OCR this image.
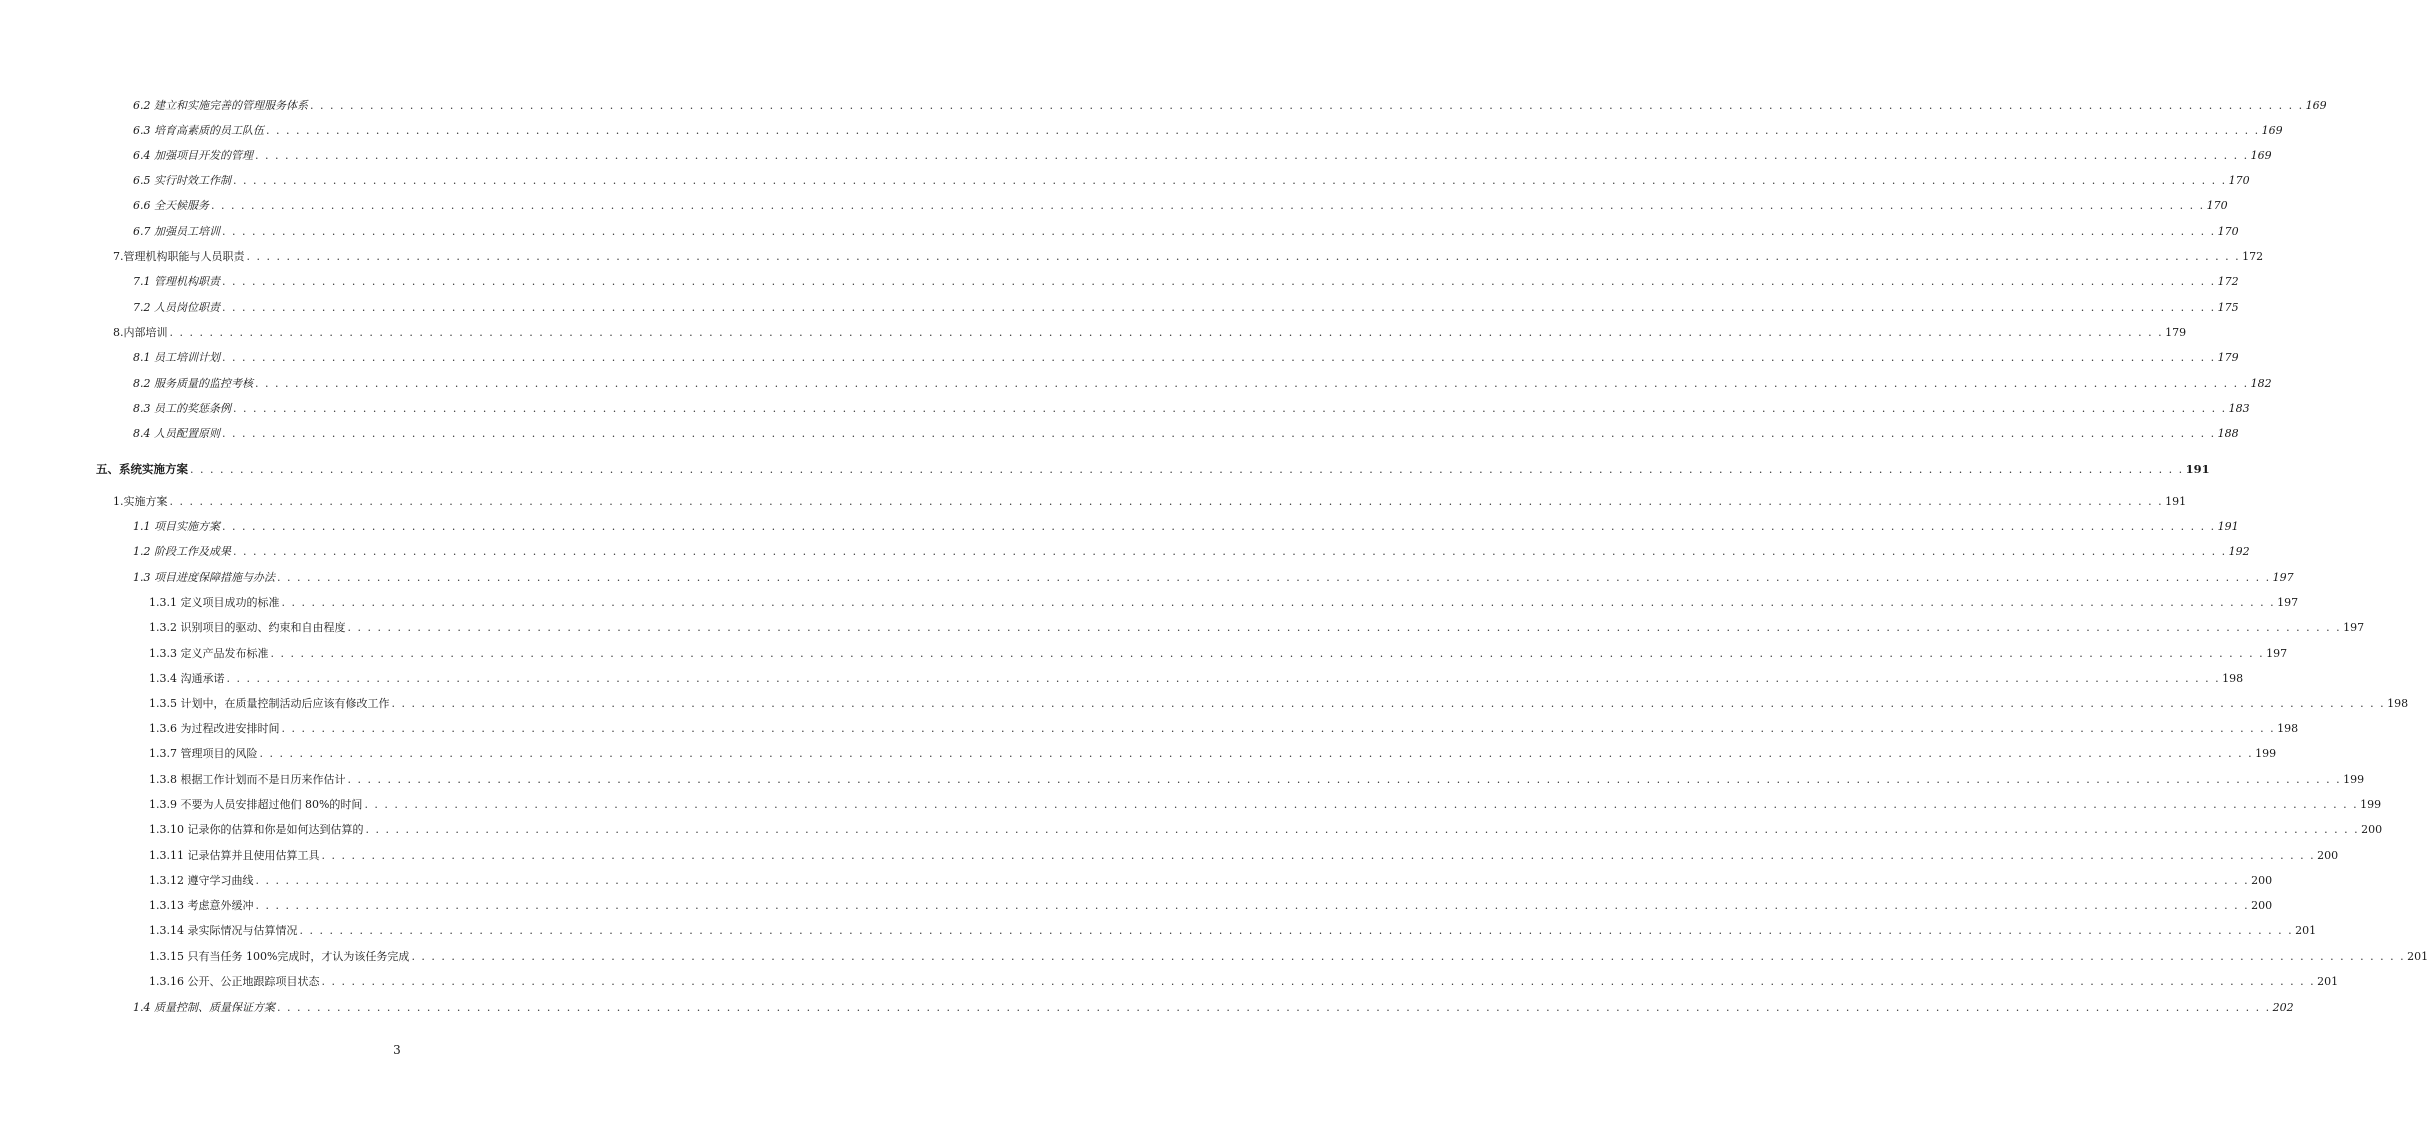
6.2 建立和实施完善的管理服务体系 . . . . . . . . . . . . . . . . . . . . . . . . . . . . . . . . . . . . . . . . . . . . . . . . . . . . . . . . . . . . . . . . . . . . . . . . . . . . . . . . . . . . . . . . . . . . . . . . . . . . . . . . . . . . . . . . . . . . . . . . . . . . . . . . . . . . . . . . . . . . . . . . . . . . . . . . . . . . . . . . . . . . . . . . . . . . . . . . . . . . . . . . . . . . . . . . . . . . . . . . 169
6.3 培育高素质的员工队伍 . . . . . . . . . . . . . . . . . . . . . . . . . . . . . . . . . . . . . . . . . . . . . . . . . . . . . . . . . . . . . . . . . . . . . . . . . . . . . . . . . . . . . . . . . . . . . . . . . . . . . . . . . . . . . . . . . . . . . . . . . . . . . . . . . . . . . . . . . . . . . . . . . . . . . . . . . . . . . . . . . . . . . . . . . . . . . . . . . . . . . . . . . . . . . . . . . . . . . . . . 169
6.4 加强项目开发的管理 . . . . . . . . . . . . . . . . . . . . . . . . . . . . . . . . . . . . . . . . . . . . . . . . . . . . . . . . . . . . . . . . . . . . . . . . . . . . . . . . . . . . . . . . . . . . . . . . . . . . . . . . . . . . . . . . . . . . . . . . . . . . . . . . . . . . . . . . . . . . . . . . . . . . . . . . . . . . . . . . . . . . . . . . . . . . . . . . . . . . . . . . . . . . . . . . . . . . . . . . 169
6.5 实行时效工作制 . . . . . . . . . . . . . . . . . . . . . . . . . . . . . . . . . . . . . . . . . . . . . . . . . . . . . . . . . . . . . . . . . . . . . . . . . . . . . . . . . . . . . . . . . . . . . . . . . . . . . . . . . . . . . . . . . . . . . . . . . . . . . . . . . . . . . . . . . . . . . . . . . . . . . . . . . . . . . . . . . . . . . . . . . . . . . . . . . . . . . . . . . . . . . . . . . . . . . . . . 170
6.6 全天候服务 . . . . . . . . . . . . . . . . . . . . . . . . . . . . . . . . . . . . . . . . . . . . . . . . . . . . . . . . . . . . . . . . . . . . . . . . . . . . . . . . . . . . . . . . . . . . . . . . . . . . . . . . . . . . . . . . . . . . . . . . . . . . . . . . . . . . . . . . . . . . . . . . . . . . . . . . . . . . . . . . . . . . . . . . . . . . . . . . . . . . . . . . . . . . . . . . . . . . . . . . 170
6.7 加强员工培训 . . . . . . . . . . . . . . . . . . . . . . . . . . . . . . . . . . . . . . . . . . . . . . . . . . . . . . . . . . . . . . . . . . . . . . . . . . . . . . . . . . . . . . . . . . . . . . . . . . . . . . . . . . . . . . . . . . . . . . . . . . . . . . . . . . . . . . . . . . . . . . . . . . . . . . . . . . . . . . . . . . . . . . . . . . . . . . . . . . . . . . . . . . . . . . . . . . . . . . . . 170
7.管理机构职能与人员职责 . . . . . . . . . . . . . . . . . . . . . . . . . . . . . . . . . . . . . . . . . . . . . . . . . . . . . . . . . . . . . . . . . . . . . . . . . . . . . . . . . . . . . . . . . . . . . . . . . . . . . . . . . . . . . . . . . . . . . . . . . . . . . . . . . . . . . . . . . . . . . . . . . . . . . . . . . . . . . . . . . . . . . . . . . . . . . . . . . . . . . . . . . . . . . . . . . . . . . . . . 172
7.1 管理机构职责 . . . . . . . . . . . . . . . . . . . . . . . . . . . . . . . . . . . . . . . . . . . . . . . . . . . . . . . . . . . . . . . . . . . . . . . . . . . . . . . . . . . . . . . . . . . . . . . . . . . . . . . . . . . . . . . . . . . . . . . . . . . . . . . . . . . . . . . . . . . . . . . . . . . . . . . . . . . . . . . . . . . . . . . . . . . . . . . . . . . . . . . . . . . . . . . . . . . . . . . . 172
7.2 人员岗位职责 . . . . . . . . . . . . . . . . . . . . . . . . . . . . . . . . . . . . . . . . . . . . . . . . . . . . . . . . . . . . . . . . . . . . . . . . . . . . . . . . . . . . . . . . . . . . . . . . . . . . . . . . . . . . . . . . . . . . . . . . . . . . . . . . . . . . . . . . . . . . . . . . . . . . . . . . . . . . . . . . . . . . . . . . . . . . . . . . . . . . . . . . . . . . . . . . . . . . . . . . 175
8.内部培训 . . . . . . . . . . . . . . . . . . . . . . . . . . . . . . . . . . . . . . . . . . . . . . . . . . . . . . . . . . . . . . . . . . . . . . . . . . . . . . . . . . . . . . . . . . . . . . . . . . . . . . . . . . . . . . . . . . . . . . . . . . . . . . . . . . . . . . . . . . . . . . . . . . . . . . . . . . . . . . . . . . . . . . . . . . . . . . . . . . . . . . . . . . . . . . . . . . . . . . . . 179
8.1 员工培训计划 . . . . . . . . . . . . . . . . . . . . . . . . . . . . . . . . . . . . . . . . . . . . . . . . . . . . . . . . . . . . . . . . . . . . . . . . . . . . . . . . . . . . . . . . . . . . . . . . . . . . . . . . . . . . . . . . . . . . . . . . . . . . . . . . . . . . . . . . . . . . . . . . . . . . . . . . . . . . . . . . . . . . . . . . . . . . . . . . . . . . . . . . . . . . . . . . . . . . . . . . 179
8.2 服务质量的监控考核 . . . . . . . . . . . . . . . . . . . . . . . . . . . . . . . . . . . . . . . . . . . . . . . . . . . . . . . . . . . . . . . . . . . . . . . . . . . . . . . . . . . . . . . . . . . . . . . . . . . . . . . . . . . . . . . . . . . . . . . . . . . . . . . . . . . . . . . . . . . . . . . . . . . . . . . . . . . . . . . . . . . . . . . . . . . . . . . . . . . . . . . . . . . . . . . . . . . . . . . . 182
8.3 员工的奖惩条例 . . . . . . . . . . . . . . . . . . . . . . . . . . . . . . . . . . . . . . . . . . . . . . . . . . . . . . . . . . . . . . . . . . . . . . . . . . . . . . . . . . . . . . . . . . . . . . . . . . . . . . . . . . . . . . . . . . . . . . . . . . . . . . . . . . . . . . . . . . . . . . . . . . . . . . . . . . . . . . . . . . . . . . . . . . . . . . . . . . . . . . . . . . . . . . . . . . . . . . . . 183
8.4 人员配置原则 . . . . . . . . . . . . . . . . . . . . . . . . . . . . . . . . . . . . . . . . . . . . . . . . . . . . . . . . . . . . . . . . . . . . . . . . . . . . . . . . . . . . . . . . . . . . . . . . . . . . . . . . . . . . . . . . . . . . . . . . . . . . . . . . . . . . . . . . . . . . . . . . . . . . . . . . . . . . . . . . . . . . . . . . . . . . . . . . . . . . . . . . . . . . . . . . . . . . . . . . 188
五、系统实施方案 . . . . . . . . . . . . . . . . . . . . . . . . . . . . . . . . . . . . . . . . . . . . . . . . . . . . . . . . . . . . . . . . . . . . . . . . . . . . . . . . . . . . . . . . . . . . . . . . . . . . . . . . . . . . . . . . . . . . . . . . . . . . . . . . . . . . . . . . . . . . . . . . . . . . . . . . . . . . . . . . . . . . . . . . . . . . . . . . . . . . . . . . . . . . . . . . . . . . . . . . 191
1.实施方案 . . . . . . . . . . . . . . . . . . . . . . . . . . . . . . . . . . . . . . . . . . . . . . . . . . . . . . . . . . . . . . . . . . . . . . . . . . . . . . . . . . . . . . . . . . . . . . . . . . . . . . . . . . . . . . . . . . . . . . . . . . . . . . . . . . . . . . . . . . . . . . . . . . . . . . . . . . . . . . . . . . . . . . . . . . . . . . . . . . . . . . . . . . . . . . . . . . . . . . . . 191
1.1 项目实施方案 . . . . . . . . . . . . . . . . . . . . . . . . . . . . . . . . . . . . . . . . . . . . . . . . . . . . . . . . . . . . . . . . . . . . . . . . . . . . . . . . . . . . . . . . . . . . . . . . . . . . . . . . . . . . . . . . . . . . . . . . . . . . . . . . . . . . . . . . . . . . . . . . . . . . . . . . . . . . . . . . . . . . . . . . . . . . . . . . . . . . . . . . . . . . . . . . . . . . . . . . 191
1.2 阶段工作及成果 . . . . . . . . . . . . . . . . . . . . . . . . . . . . . . . . . . . . . . . . . . . . . . . . . . . . . . . . . . . . . . . . . . . . . . . . . . . . . . . . . . . . . . . . . . . . . . . . . . . . . . . . . . . . . . . . . . . . . . . . . . . . . . . . . . . . . . . . . . . . . . . . . . . . . . . . . . . . . . . . . . . . . . . . . . . . . . . . . . . . . . . . . . . . . . . . . . . . . . . . 192
1.3 项目进度保障措施与办法 . . . . . . . . . . . . . . . . . . . . . . . . . . . . . . . . . . . . . . . . . . . . . . . . . . . . . . . . . . . . . . . . . . . . . . . . . . . . . . . . . . . . . . . . . . . . . . . . . . . . . . . . . . . . . . . . . . . . . . . . . . . . . . . . . . . . . . . . . . . . . . . . . . . . . . . . . . . . . . . . . . . . . . . . . . . . . . . . . . . . . . . . . . . . . . . . . . . . . . . . 197
1.3.1 定义项目成功的标准 . . . . . . . . . . . . . . . . . . . . . . . . . . . . . . . . . . . . . . . . . . . . . . . . . . . . . . . . . . . . . . . . . . . . . . . . . . . . . . . . . . . . . . . . . . . . . . . . . . . . . . . . . . . . . . . . . . . . . . . . . . . . . . . . . . . . . . . . . . . . . . . . . . . . . . . . . . . . . . . . . . . . . . . . . . . . . . . . . . . . . . . . . . . . . . . . . . . . . . . . 197
1.3.2 识别项目的驱动、约束和自由程度 . . . . . . . . . . . . . . . . . . . . . . . . . . . . . . . . . . . . . . . . . . . . . . . . . . . . . . . . . . . . . . . . . . . . . . . . . . . . . . . . . . . . . . . . . . . . . . . . . . . . . . . . . . . . . . . . . . . . . . . . . . . . . . . . . . . . . . . . . . . . . . . . . . . . . . . . . . . . . . . . . . . . . . . . . . . . . . . . . . . . . . . . . . . . . . . . . . . . . . . . 197
1.3.3 定义产品发布标准 . . . . . . . . . . . . . . . . . . . . . . . . . . . . . . . . . . . . . . . . . . . . . . . . . . . . . . . . . . . . . . . . . . . . . . . . . . . . . . . . . . . . . . . . . . . . . . . . . . . . . . . . . . . . . . . . . . . . . . . . . . . . . . . . . . . . . . . . . . . . . . . . . . . . . . . . . . . . . . . . . . . . . . . . . . . . . . . . . . . . . . . . . . . . . . . . . . . . . . . . 197
1.3.4 沟通承诺 . . . . . . . . . . . . . . . . . . . . . . . . . . . . . . . . . . . . . . . . . . . . . . . . . . . . . . . . . . . . . . . . . . . . . . . . . . . . . . . . . . . . . . . . . . . . . . . . . . . . . . . . . . . . . . . . . . . . . . . . . . . . . . . . . . . . . . . . . . . . . . . . . . . . . . . . . . . . . . . . . . . . . . . . . . . . . . . . . . . . . . . . . . . . . . . . . . . . . . . . 198
1.3.5 计划中，在质量控制活动后应该有修改工作 . . . . . . . . . . . . . . . . . . . . . . . . . . . . . . . . . . . . . . . . . . . . . . . . . . . . . . . . . . . . . . . . . . . . . . . . . . . . . . . . . . . . . . . . . . . . . . . . . . . . . . . . . . . . . . . . . . . . . . . . . . . . . . . . . . . . . . . . . . . . . . . . . . . . . . . . . . . . . . . . . . . . . . . . . . . . . . . . . . . . . . . . . . . . . . . . . . . . . . . . 198
1.3.6 为过程改进安排时间 . . . . . . . . . . . . . . . . . . . . . . . . . . . . . . . . . . . . . . . . . . . . . . . . . . . . . . . . . . . . . . . . . . . . . . . . . . . . . . . . . . . . . . . . . . . . . . . . . . . . . . . . . . . . . . . . . . . . . . . . . . . . . . . . . . . . . . . . . . . . . . . . . . . . . . . . . . . . . . . . . . . . . . . . . . . . . . . . . . . . . . . . . . . . . . . . . . . . . . . . 198
1.3.7 管理项目的风险 . . . . . . . . . . . . . . . . . . . . . . . . . . . . . . . . . . . . . . . . . . . . . . . . . . . . . . . . . . . . . . . . . . . . . . . . . . . . . . . . . . . . . . . . . . . . . . . . . . . . . . . . . . . . . . . . . . . . . . . . . . . . . . . . . . . . . . . . . . . . . . . . . . . . . . . . . . . . . . . . . . . . . . . . . . . . . . . . . . . . . . . . . . . . . . . . . . . . . . . . 199
1.3.8 根据工作计划而不是日历来作估计 . . . . . . . . . . . . . . . . . . . . . . . . . . . . . . . . . . . . . . . . . . . . . . . . . . . . . . . . . . . . . . . . . . . . . . . . . . . . . . . . . . . . . . . . . . . . . . . . . . . . . . . . . . . . . . . . . . . . . . . . . . . . . . . . . . . . . . . . . . . . . . . . . . . . . . . . . . . . . . . . . . . . . . . . . . . . . . . . . . . . . . . . . . . . . . . . . . . . . . . . 199
1.3.9 不要为人员安排超过他们 80%的时间 . . . . . . . . . . . . . . . . . . . . . . . . . . . . . . . . . . . . . . . . . . . . . . . . . . . . . . . . . . . . . . . . . . . . . . . . . . . . . . . . . . . . . . . . . . . . . . . . . . . . . . . . . . . . . . . . . . . . . . . . . . . . . . . . . . . . . . . . . . . . . . . . . . . . . . . . . . . . . . . . . . . . . . . . . . . . . . . . . . . . . . . . . . . . . . . . . . . . . . . . 199
1.3.10 记录你的估算和你是如何达到估算的 . . . . . . . . . . . . . . . . . . . . . . . . . . . . . . . . . . . . . . . . . . . . . . . . . . . . . . . . . . . . . . . . . . . . . . . . . . . . . . . . . . . . . . . . . . . . . . . . . . . . . . . . . . . . . . . . . . . . . . . . . . . . . . . . . . . . . . . . . . . . . . . . . . . . . . . . . . . . . . . . . . . . . . . . . . . . . . . . . . . . . . . . . . . . . . . . . . . . . . . . 200
1.3.11 记录估算并且使用估算工具 . . . . . . . . . . . . . . . . . . . . . . . . . . . . . . . . . . . . . . . . . . . . . . . . . . . . . . . . . . . . . . . . . . . . . . . . . . . . . . . . . . . . . . . . . . . . . . . . . . . . . . . . . . . . . . . . . . . . . . . . . . . . . . . . . . . . . . . . . . . . . . . . . . . . . . . . . . . . . . . . . . . . . . . . . . . . . . . . . . . . . . . . . . . . . . . . . . . . . . . . 200
1.3.12 遵守学习曲线 . . . . . . . . . . . . . . . . . . . . . . . . . . . . . . . . . . . . . . . . . . . . . . . . . . . . . . . . . . . . . . . . . . . . . . . . . . . . . . . . . . . . . . . . . . . . . . . . . . . . . . . . . . . . . . . . . . . . . . . . . . . . . . . . . . . . . . . . . . . . . . . . . . . . . . . . . . . . . . . . . . . . . . . . . . . . . . . . . . . . . . . . . . . . . . . . . . . . . . . . 200
1.3.13 考虑意外缓冲 . . . . . . . . . . . . . . . . . . . . . . . . . . . . . . . . . . . . . . . . . . . . . . . . . . . . . . . . . . . . . . . . . . . . . . . . . . . . . . . . . . . . . . . . . . . . . . . . . . . . . . . . . . . . . . . . . . . . . . . . . . . . . . . . . . . . . . . . . . . . . . . . . . . . . . . . . . . . . . . . . . . . . . . . . . . . . . . . . . . . . . . . . . . . . . . . . . . . . . . . 200
1.3.14 录实际情况与估算情况 . . . . . . . . . . . . . . . . . . . . . . . . . . . . . . . . . . . . . . . . . . . . . . . . . . . . . . . . . . . . . . . . . . . . . . . . . . . . . . . . . . . . . . . . . . . . . . . . . . . . . . . . . . . . . . . . . . . . . . . . . . . . . . . . . . . . . . . . . . . . . . . . . . . . . . . . . . . . . . . . . . . . . . . . . . . . . . . . . . . . . . . . . . . . . . . . . . . . . . . . 201
1.3.15 只有当任务 100%完成时，才认为该任务完成 . . . . . . . . . . . . . . . . . . . . . . . . . . . . . . . . . . . . . . . . . . . . . . . . . . . . . . . . . . . . . . . . . . . . . . . . . . . . . . . . . . . . . . . . . . . . . . . . . . . . . . . . . . . . . . . . . . . . . . . . . . . . . . . . . . . . . . . . . . . . . . . . . . . . . . . . . . . . . . . . . . . . . . . . . . . . . . . . . . . . . . . . . . . . . . . . . . . . . . . . 201
1.3.16 公开、公正地跟踪项目状态 . . . . . . . . . . . . . . . . . . . . . . . . . . . . . . . . . . . . . . . . . . . . . . . . . . . . . . . . . . . . . . . . . . . . . . . . . . . . . . . . . . . . . . . . . . . . . . . . . . . . . . . . . . . . . . . . . . . . . . . . . . . . . . . . . . . . . . . . . . . . . . . . . . . . . . . . . . . . . . . . . . . . . . . . . . . . . . . . . . . . . . . . . . . . . . . . . . . . . . . . 201
1.4 质量控制、质量保证方案 . . . . . . . . . . . . . . . . . . . . . . . . . . . . . . . . . . . . . . . . . . . . . . . . . . . . . . . . . . . . . . . . . . . . . . . . . . . . . . . . . . . . . . . . . . . . . . . . . . . . . . . . . . . . . . . . . . . . . . . . . . . . . . . . . . . . . . . . . . . . . . . . . . . . . . . . . . . . . . . . . . . . . . . . . . . . . . . . . . . . . . . . . . . . . . . . . . . . . . . . 202
3
